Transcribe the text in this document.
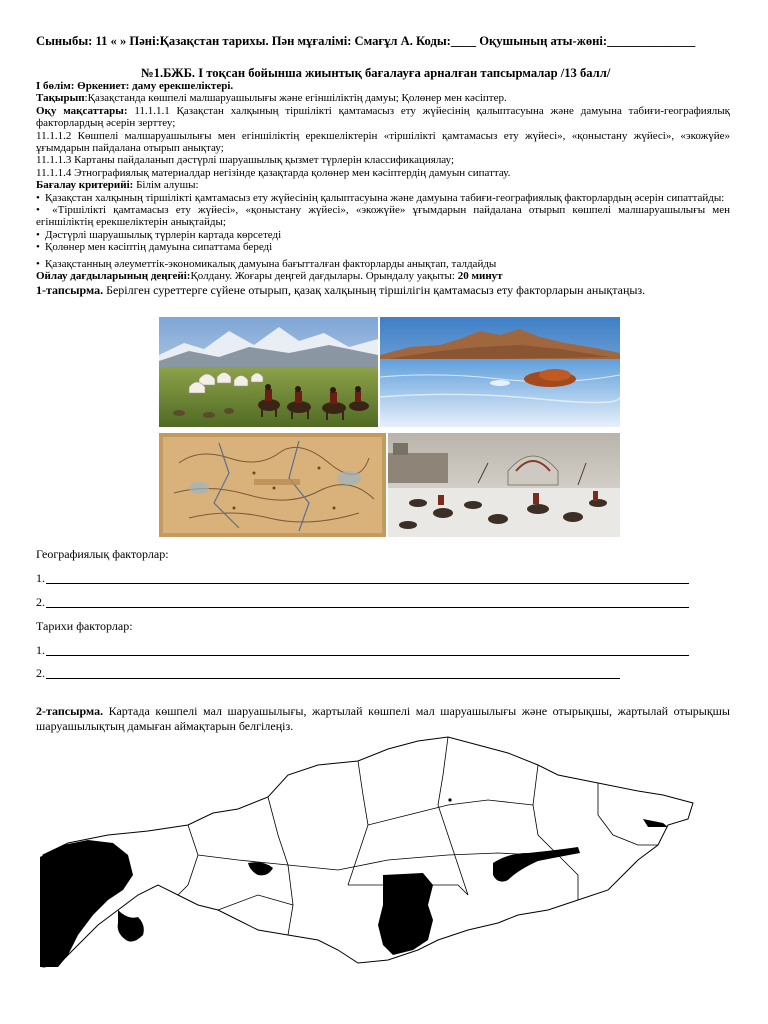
Сыныбы: 11 « » Пәні:Қазақстан тарихы. Пән мұғалімі: Смағұл А. Коды:____ Оқушының аты-жөні:______________
№1.БЖБ. І тоқсан бойынша жиынтық бағалауға арналған тапсырмалар /13 балл/

І бөлім: Өркениет: даму ерекшеліктері.

Тақырып:Қазақстанда көшпелі малшаруашылығы және егіншіліктің дамуы; Қолөнер мен кәсіптер.

Оқу мақсаттары: 11.1.1.1 Қазақстан халқының тіршілікті қамтамасыз ету жүйесінің қалыптасуына және дамуына табиғи-географиялық факторлардың әсерін зерттеу;

11.1.1.2 Көшпелі малшаруашылығы мен егіншіліктің ерекшеліктерін «тіршілікті қамтамасыз ету жүйесі», «қоныстану жүйесі», «экожүйе» ұғымдарын пайдалана отырып анықтау;

11.1.1.3 Картаны пайдаланып дәстүрлі шаруашылық қызмет түрлерін классификациялау;

11.1.1.4 Этнографиялық материалдар негізінде қазақтарда қолөнер мен кәсіптердің дамуын сипаттау.

Бағалау критерийі: Білім алушы:

• Қазақстан халқының тіршілікті қамтамасыз ету жүйесінің қалыптасуына және дамуына табиғи-географиялық факторлардың әсерін сипаттайды:

• «Тіршілікті қамтамасыз ету жүйесі», «қоныстану жүйесі», «экожүйе» ұғымдарын пайдалана отырып көшпелі малшаруашылығы мен егіншіліктің ерекшеліктерін анықтайды;

• Дәстүрлі шаруашылық түрлерін картада көрсетеді

• Қолөнер мен кәсіптің дамуына сипаттама береді

• Қазақстанның әлеуметтік-экономикалық дамуына бағытталған факторларды анықтап, талдайды

Ойлау дағдыларының деңгейі:Қолдану. Жоғары деңгей дағдылары. Орындалу уақыты: 20 минут

1-тапсырма. Берілген суреттерге сүйене отырып, қазақ халқының тіршілігін қамтамасыз ету факторларын анықтаңыз.

Географиялық факторлар:
1.
2.
Тарихи факторлар:
1.
2.
2-тапсырма. Картада көшпелі мал шаруашылығы, жартылай көшпелі мал шаруашылығы және отырықшы, жартылай отырықшы шаруашылықтың дамыған аймақтарын белгілеңіз.
